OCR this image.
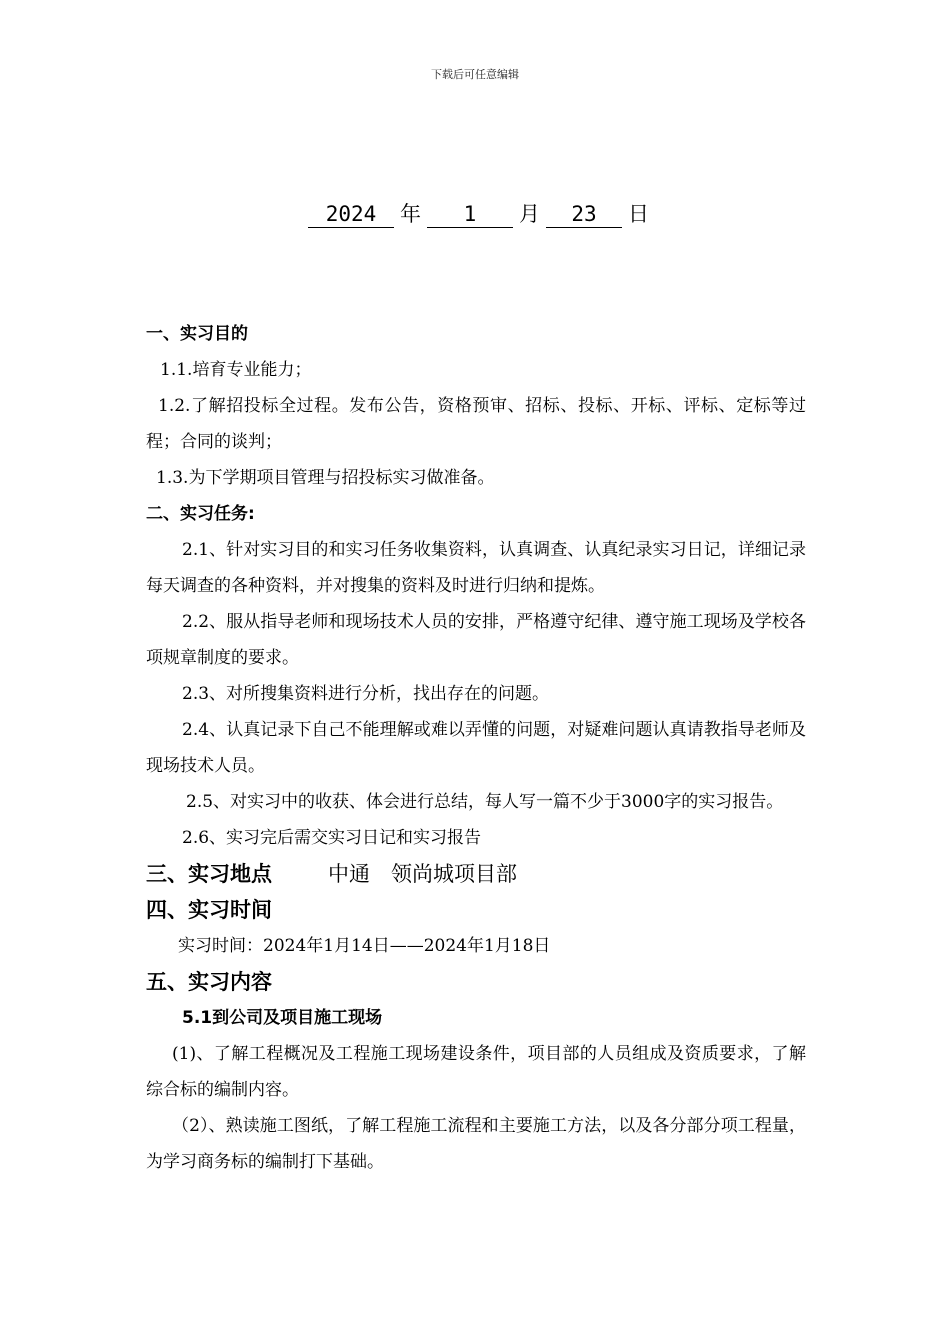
下载后可任意编辑
2024 年 1 月 23 日
一、实习目的
1.1.培育专业能力；
1.2.了解招投标全过程。发布公告，资格预审、招标、投标、开标、评标、定标等过程；合同的谈判；
1.3.为下学期项目管理与招投标实习做准备。
二、实习任务:
2.1、针对实习目的和实习任务收集资料，认真调查、认真纪录实习日记，详细记录每天调查的各种资料，并对搜集的资料及时进行归纳和提炼。
2.2、服从指导老师和现场技术人员的安排，严格遵守纪律、遵守施工现场及学校各项规章制度的要求。
2.3、对所搜集资料进行分析，找出存在的问题。
2.4、认真记录下自己不能理解或难以弄懂的问题，对疑难问题认真请教指导老师及现场技术人员。
2.5、对实习中的收获、体会进行总结，每人写一篇不少于3000字的实习报告。
2.6、实习完后需交实习日记和实习报告
三、实习地点	中通　领尚城项目部
四、实习时间
实习时间：2024年1月14日——2024年1月18日
五、实习内容
5.1到公司及项目施工现场
(1)、了解工程概况及工程施工现场建设条件，项目部的人员组成及资质要求，了解综合标的编制内容。
（2）、熟读施工图纸，了解工程施工流程和主要施工方法，以及各分部分项工程量，为学习商务标的编制打下基础。
